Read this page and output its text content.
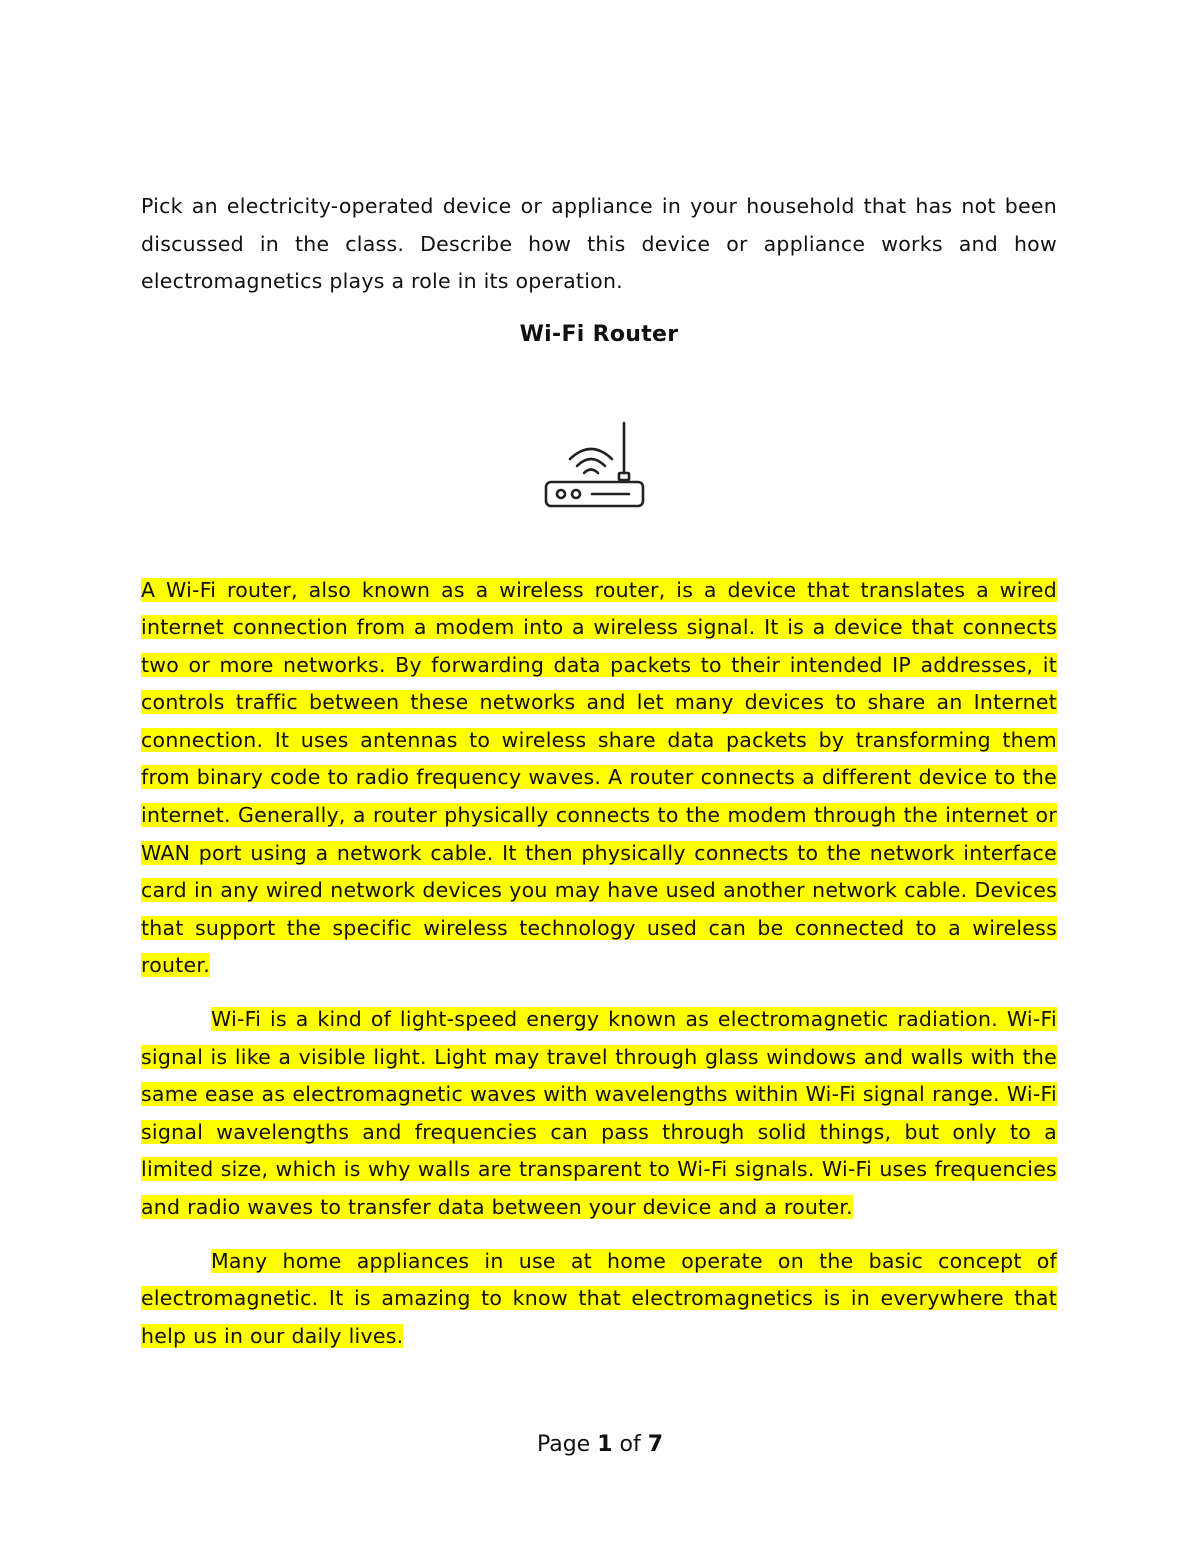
Pick an electricity-operated device or appliance in your household that has not been discussed in the class. Describe how this device or appliance works and how electromagnetics plays a role in its operation.

Wi-Fi Router

A Wi-Fi router, also known as a wireless router, is a device that translates a wired internet connection from a modem into a wireless signal. It is a device that connects two or more networks. By forwarding data packets to their intended IP addresses, it controls traffic between these networks and let many devices to share an Internet connection. It uses antennas to wireless share data packets by transforming them from binary code to radio frequency waves. A router connects a different device to the internet. Generally, a router physically connects to the modem through the internet or WAN port using a network cable. It then physically connects to the network interface card in any wired network devices you may have used another network cable. Devices that support the specific wireless technology used can be connected to a wireless router.

Wi-Fi is a kind of light-speed energy known as electromagnetic radiation. Wi-Fi signal is like a visible light. Light may travel through glass windows and walls with the same ease as electromagnetic waves with wavelengths within Wi-Fi signal range. Wi-Fi signal wavelengths and frequencies can pass through solid things, but only to a limited size, which is why walls are transparent to Wi-Fi signals. Wi-Fi uses frequencies and radio waves to transfer data between your device and a router.

Many home appliances in use at home operate on the basic concept of electromagnetic. It is amazing to know that electromagnetics is in everywhere that help us in our daily lives.

Page 1 of 7
